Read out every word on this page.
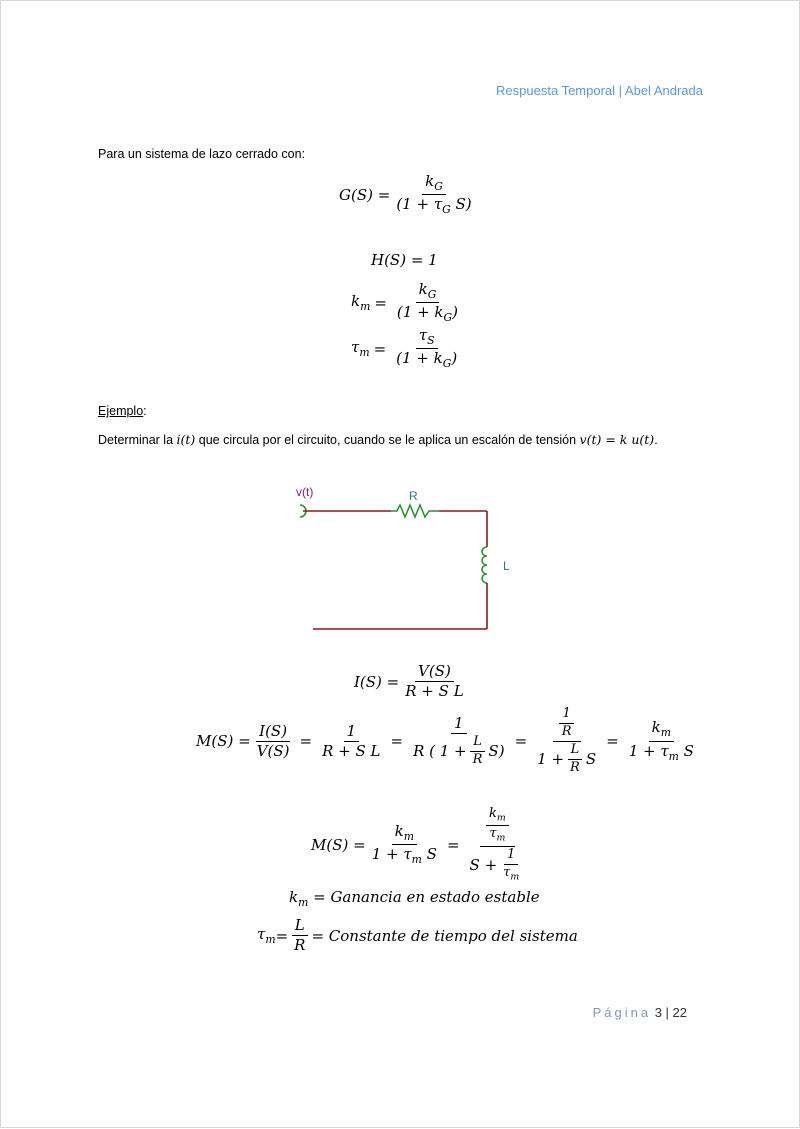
Respuesta Temporal | Abel Andrada
Para un sistema de lazo cerrado con:
$G(S) = \frac{k_G}{(1 + \tau_G S)}$
H(S) = 1
$k_m = \frac{k_G}{(1 + k_G)}$
$\tau_m = \frac{\tau_S}{(1 + k_G)}$
Ejemplo:
Determinar la i(t) que circula por el circuito, cuando se le aplica un escalón de tensión v(t) = k u(t).
v(t)	R
L
$I(S) = \frac{V(S)}{\text{R + S L}}$
$M(S) = \frac{I(S)}{V(S)} = \frac{1}{\text{R + S L}} = \frac{1}{R ( 1 + \frac{L}{R} S)} = \frac{\frac{1}{R}}{1 + \frac{L}{R} S} = \frac{k_m}{1 + \tau_m S}$
$M(S) = \frac{k_m}{1 + \tau_m S} = \frac{\frac{k_m}{\tau_m}}{S + \frac{1}{\tau_m}}$
$k_m$ = Ganancia en estado estable
$\tau_m = \frac{L}{R}$ = Constante de tiempo del sistema
Página 3 | 22
